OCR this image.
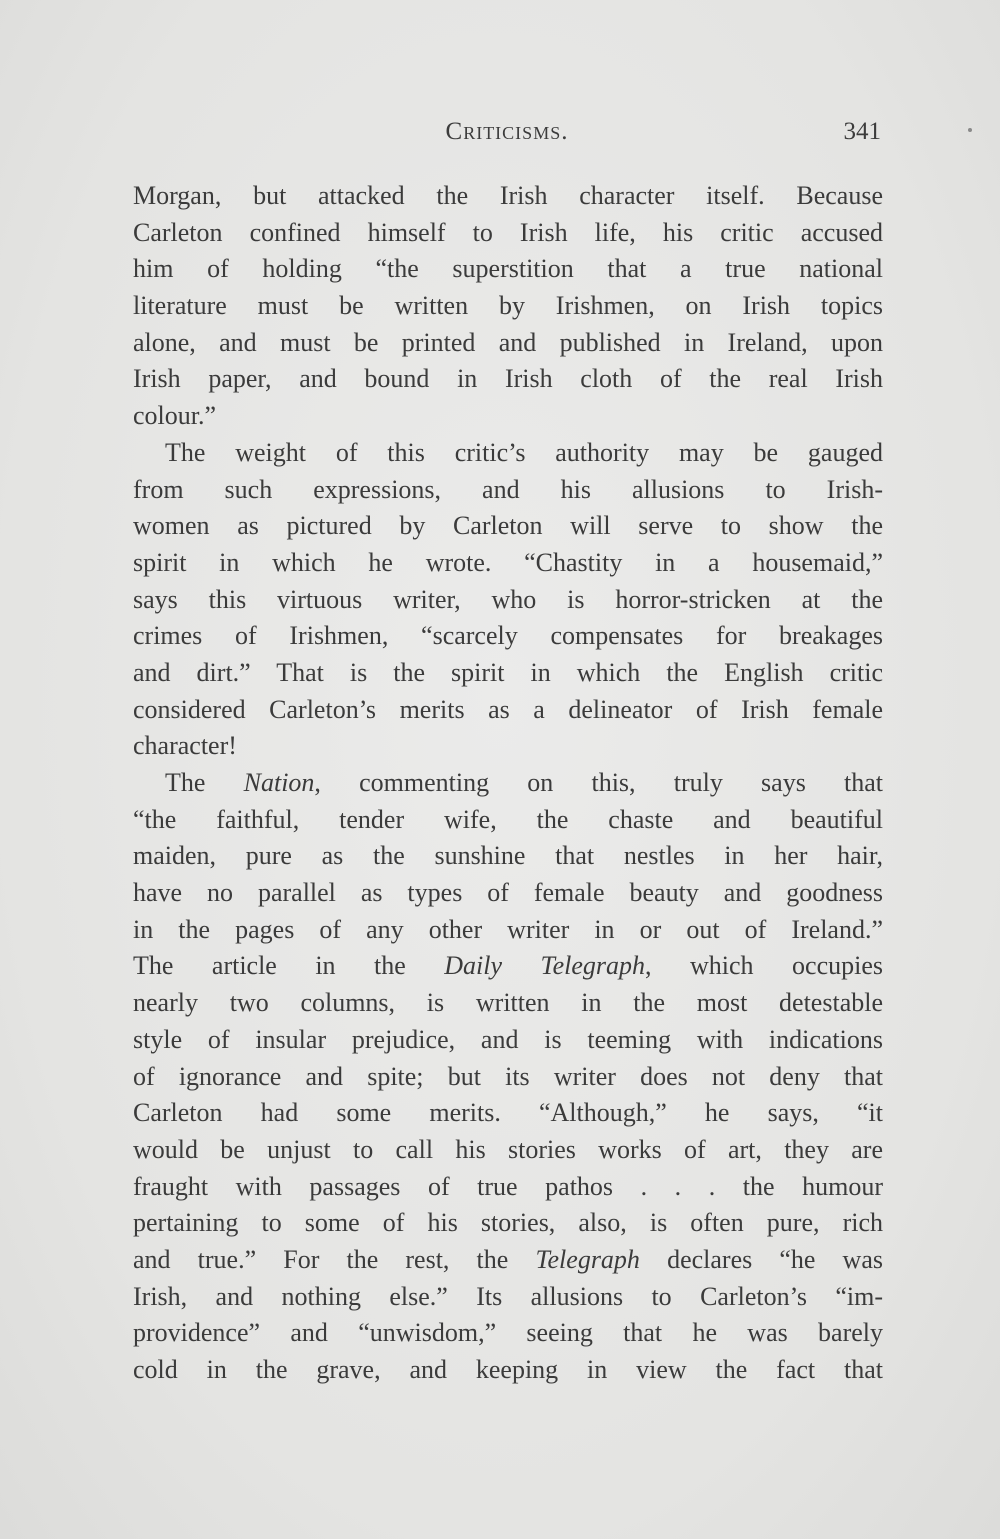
Criticisms.	341
Morgan, but attacked the Irish character itself. Because
Carleton confined himself to Irish life, his critic accused
him of holding “the superstition that a true national
literature must be written by Irishmen, on Irish topics
alone, and must be printed and published in Ireland, upon
Irish paper, and bound in Irish cloth of the real Irish
colour.”
The weight of this critic’s authority may be gauged
from such expressions, and his allusions to Irish-
women as pictured by Carleton will serve to show the
spirit in which he wrote. “Chastity in a housemaid,”
says this virtuous writer, who is horror-stricken at the
crimes of Irishmen, “scarcely compensates for breakages
and dirt.” That is the spirit in which the English critic
considered Carleton’s merits as a delineator of Irish female
character!
The Nation, commenting on this, truly says that
“the faithful, tender wife, the chaste and beautiful
maiden, pure as the sunshine that nestles in her hair,
have no parallel as types of female beauty and goodness
in the pages of any other writer in or out of Ireland.”
The article in the Daily Telegraph, which occupies
nearly two columns, is written in the most detestable
style of insular prejudice, and is teeming with indications
of ignorance and spite; but its writer does not deny that
Carleton had some merits. “Although,” he says, “it
would be unjust to call his stories works of art, they are
fraught with passages of true pathos . . . the humour
pertaining to some of his stories, also, is often pure, rich
and true.” For the rest, the Telegraph declares “he was
Irish, and nothing else.” Its allusions to Carleton’s “im-
providence” and “unwisdom,” seeing that he was barely
cold in the grave, and keeping in view the fact that
